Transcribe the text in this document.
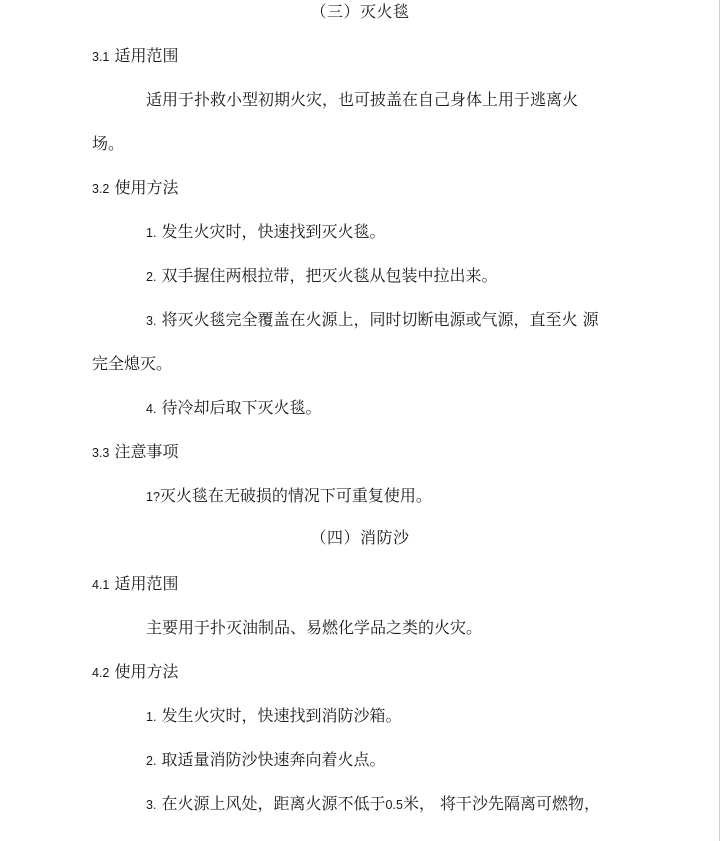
（三）灭火毯
3.1 适用范围
适用于扑救小型初期火灾，也可披盖在自己身体上用于逃离火
场。
3.2 使用方法
1. 发生火灾时，快速找到灭火毯。
2. 双手握住两根拉带，把灭火毯从包装中拉出来。
3. 将灭火毯完全覆盖在火源上，同时切断电源或气源，直至火 源
完全熄灭。
4. 待冷却后取下灭火毯。
3.3 注意事项
1?灭火毯在无破损的情况下可重复使用。
（四）消防沙
4.1 适用范围
主要用于扑灭油制品、易燃化学品之类的火灾。
4.2 使用方法
1. 发生火灾时，快速找到消防沙箱。
2. 取适量消防沙快速奔向着火点。
3. 在火源上风处，距离火源不低于0.5米， 将干沙先隔离可燃物，
